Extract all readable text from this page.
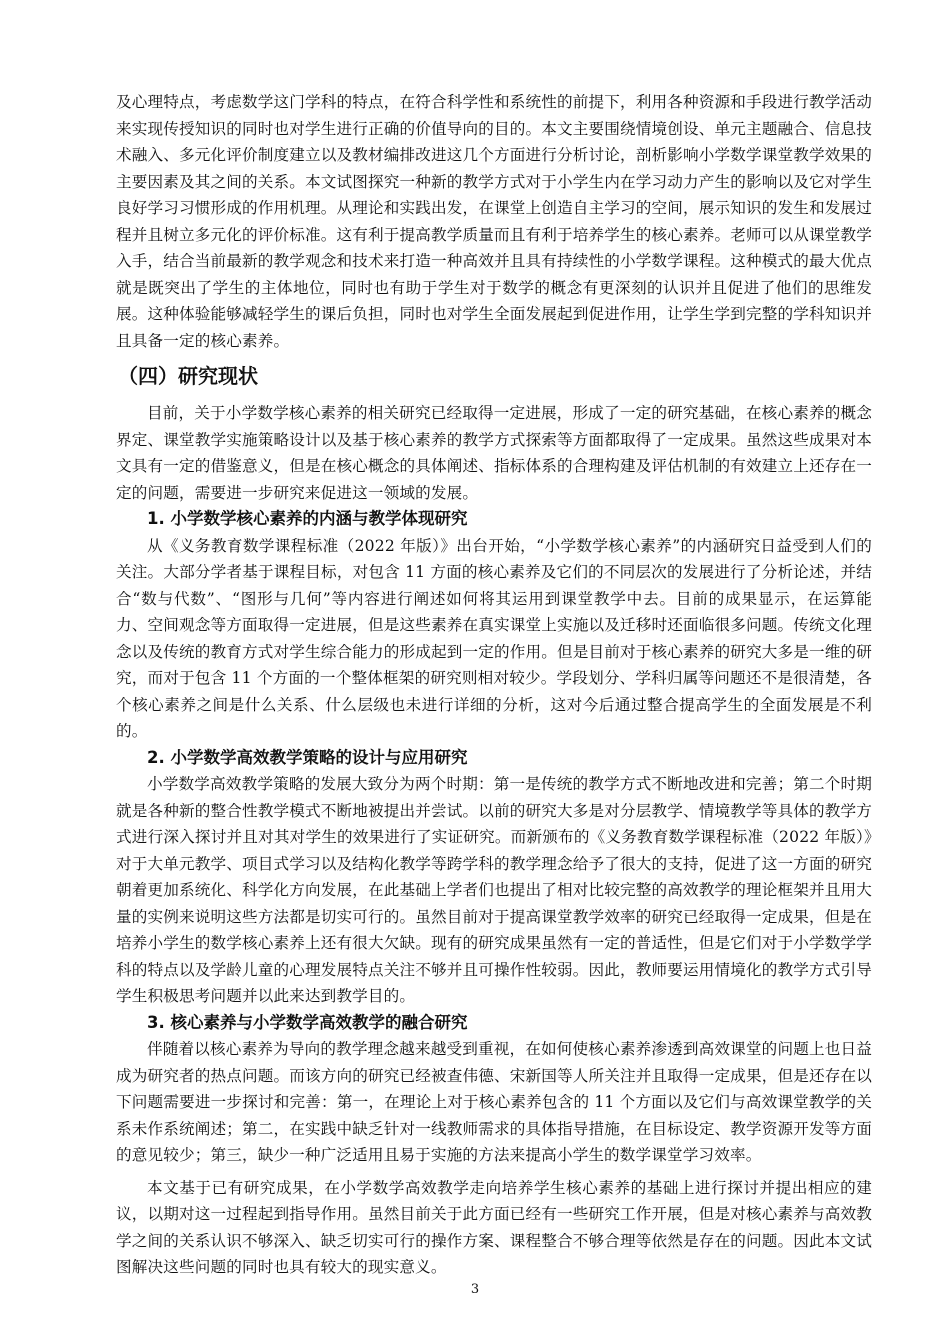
及心理特点，考虑数学这门学科的特点，在符合科学性和系统性的前提下，利用各种资源和手段进行教学活动来实现传授知识的同时也对学生进行正确的价值导向的目的。本文主要围绕情境创设、单元主题融合、信息技术融入、多元化评价制度建立以及教材编排改进这几个方面进行分析讨论，剖析影响小学数学课堂教学效果的主要因素及其之间的关系。本文试图探究一种新的教学方式对于小学生内在学习动力产生的影响以及它对学生良好学习习惯形成的作用机理。从理论和实践出发，在课堂上创造自主学习的空间，展示知识的发生和发展过程并且树立多元化的评价标准。这有利于提高教学质量而且有利于培养学生的核心素养。老师可以从课堂教学入手，结合当前最新的教学观念和技术来打造一种高效并且具有持续性的小学数学课程。这种模式的最大优点就是既突出了学生的主体地位，同时也有助于学生对于数学的概念有更深刻的认识并且促进了他们的思维发展。这种体验能够减轻学生的课后负担，同时也对学生全面发展起到促进作用，让学生学到完整的学科知识并且具备一定的核心素养。

（四）研究现状

目前，关于小学数学核心素养的相关研究已经取得一定进展，形成了一定的研究基础，在核心素养的概念界定、课堂教学实施策略设计以及基于核心素养的教学方式探索等方面都取得了一定成果。虽然这些成果对本文具有一定的借鉴意义，但是在核心概念的具体阐述、指标体系的合理构建及评估机制的有效建立上还存在一定的问题，需要进一步研究来促进这一领域的发展。

1. 小学数学核心素养的内涵与教学体现研究

从《义务教育数学课程标准（2022 年版）》出台开始，“小学数学核心素养”的内涵研究日益受到人们的关注。大部分学者基于课程目标，对包含 11 方面的核心素养及它们的不同层次的发展进行了分析论述，并结合“数与代数”、“图形与几何”等内容进行阐述如何将其运用到课堂教学中去。目前的成果显示，在运算能力、空间观念等方面取得一定进展，但是这些素养在真实课堂上实施以及迁移时还面临很多问题。传统文化理念以及传统的教育方式对学生综合能力的形成起到一定的作用。但是目前对于核心素养的研究大多是一维的研究，而对于包含 11 个方面的一个整体框架的研究则相对较少。学段划分、学科归属等问题还不是很清楚，各个核心素养之间是什么关系、什么层级也未进行详细的分析，这对今后通过整合提高学生的全面发展是不利的。

2. 小学数学高效教学策略的设计与应用研究

小学数学高效教学策略的发展大致分为两个时期：第一是传统的教学方式不断地改进和完善；第二个时期就是各种新的整合性教学模式不断地被提出并尝试。以前的研究大多是对分层教学、情境教学等具体的教学方式进行深入探讨并且对其对学生的效果进行了实证研究。而新颁布的《义务教育数学课程标准（2022 年版）》对于大单元教学、项目式学习以及结构化教学等跨学科的教学理念给予了很大的支持，促进了这一方面的研究朝着更加系统化、科学化方向发展，在此基础上学者们也提出了相对比较完整的高效教学的理论框架并且用大量的实例来说明这些方法都是切实可行的。虽然目前对于提高课堂教学效率的研究已经取得一定成果，但是在培养小学生的数学核心素养上还有很大欠缺。现有的研究成果虽然有一定的普适性，但是它们对于小学数学学科的特点以及学龄儿童的心理发展特点关注不够并且可操作性较弱。因此，教师要运用情境化的教学方式引导学生积极思考问题并以此来达到教学目的。

3. 核心素养与小学数学高效教学的融合研究

伴随着以核心素养为导向的教学理念越来越受到重视，在如何使核心素养渗透到高效课堂的问题上也日益成为研究者的热点问题。而该方向的研究已经被查伟德、宋新国等人所关注并且取得一定成果，但是还存在以下问题需要进一步探讨和完善：第一，在理论上对于核心素养包含的 11 个方面以及它们与高效课堂教学的关系未作系统阐述；第二，在实践中缺乏针对一线教师需求的具体指导措施，在目标设定、教学资源开发等方面的意见较少；第三，缺少一种广泛适用且易于实施的方法来提高小学生的数学课堂学习效率。

本文基于已有研究成果，在小学数学高效教学走向培养学生核心素养的基础上进行探讨并提出相应的建议，以期对这一过程起到指导作用。虽然目前关于此方面已经有一些研究工作开展，但是对核心素养与高效教学之间的关系认识不够深入、缺乏切实可行的操作方案、课程整合不够合理等依然是存在的问题。因此本文试图解决这些问题的同时也具有较大的现实意义。

3
